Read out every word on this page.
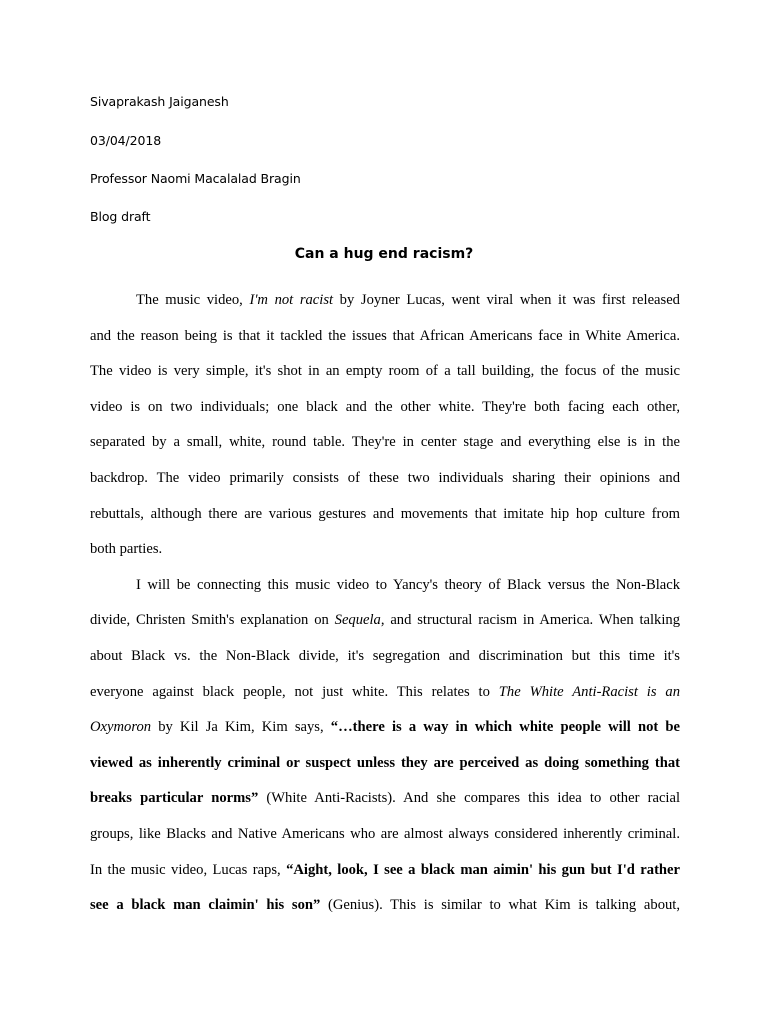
Sivaprakash Jaiganesh
03/04/2018
Professor Naomi Macalalad Bragin
Blog draft
Can a hug end racism?

The music video, I'm not racist by Joyner Lucas, went viral when it was first released
and the reason being is that it tackled the issues that African Americans face in White America.
The video is very simple, it's shot in an empty room of a tall building, the focus of the music
video is on two individuals; one black and the other white. They're both facing each other,
separated by a small, white, round table. They're in center stage and everything else is in the
backdrop. The video primarily consists of these two individuals sharing their opinions and
rebuttals, although there are various gestures and movements that imitate hip hop culture from
both parties.

I will be connecting this music video to Yancy's theory of Black versus the Non-Black
divide, Christen Smith's explanation on Sequela, and structural racism in America. When talking
about Black vs. the Non-Black divide, it's segregation and discrimination but this time it's
everyone against black people, not just white. This relates to The White Anti-Racist is an
Oxymoron by Kil Ja Kim, Kim says, “…there is a way in which white people will not be
viewed as inherently criminal or suspect unless they are perceived as doing something that
breaks particular norms” (White Anti-Racists). And she compares this idea to other racial
groups, like Blacks and Native Americans who are almost always considered inherently criminal.
In the music video, Lucas raps, “Aight, look, I see a black man aimin' his gun but I'd rather
see a black man claimin' his son” (Genius). This is similar to what Kim is talking about,
